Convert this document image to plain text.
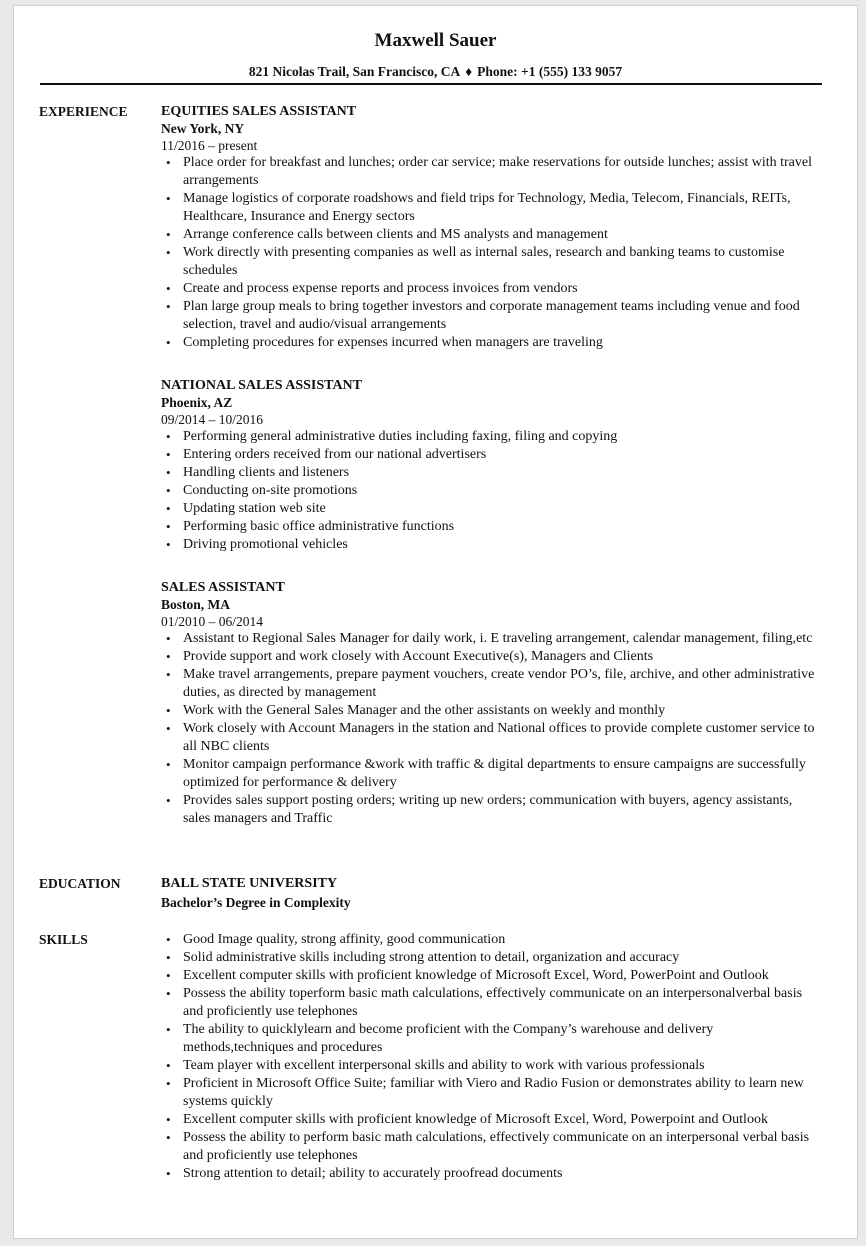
Maxwell Sauer
821 Nicolas Trail, San Francisco, CA ♦ Phone: +1 (555) 133 9057
EXPERIENCE EQUITIES SALES ASSISTANT
New York, NY
11/2016 – present
• Place order for breakfast and lunches; order car service; make reservations for outside lunches; assist with travel arrangements
• Manage logistics of corporate roadshows and field trips for Technology, Media, Telecom, Financials, REITs, Healthcare, Insurance and Energy sectors
• Arrange conference calls between clients and MS analysts and management
• Work directly with presenting companies as well as internal sales, research and banking teams to customise schedules
• Create and process expense reports and process invoices from vendors
• Plan large group meals to bring together investors and corporate management teams including venue and food selection, travel and audio/visual arrangements
• Completing procedures for expenses incurred when managers are traveling
NATIONAL SALES ASSISTANT
Phoenix, AZ
09/2014 – 10/2016
• Performing general administrative duties including faxing, filing and copying
• Entering orders received from our national advertisers
• Handling clients and listeners
• Conducting on-site promotions
• Updating station web site
• Performing basic office administrative functions
• Driving promotional vehicles
SALES ASSISTANT
Boston, MA
01/2010 – 06/2014
• Assistant to Regional Sales Manager for daily work, i. E traveling arrangement, calendar management, filing,etc
• Provide support and work closely with Account Executive(s), Managers and Clients
• Make travel arrangements, prepare payment vouchers, create vendor PO’s, file, archive, and other administrative duties, as directed by management
• Work with the General Sales Manager and the other assistants on weekly and monthly
• Work closely with Account Managers in the station and National offices to provide complete customer service to all NBC clients
• Monitor campaign performance &work with traffic & digital departments to ensure campaigns are successfully optimized for performance & delivery
• Provides sales support posting orders; writing up new orders; communication with buyers, agency assistants, sales managers and Traffic
EDUCATION	BALL STATE UNIVERSITY
Bachelor’s Degree in Complexity
SKILLS	• Good Image quality, strong affinity, good communication
• Solid administrative skills including strong attention to detail, organization and accuracy
• Excellent computer skills with proficient knowledge of Microsoft Excel, Word, PowerPoint and Outlook
• Possess the ability toperform basic math calculations, effectively communicate on an interpersonalverbal basis and proficiently use telephones
• The ability to quicklylearn and become proficient with the Company’s warehouse and delivery methods,techniques and procedures
• Team player with excellent interpersonal skills and ability to work with various professionals
• Proficient in Microsoft Office Suite; familiar with Viero and Radio Fusion or demonstrates ability to learn new systems quickly
• Excellent computer skills with proficient knowledge of Microsoft Excel, Word, Powerpoint and Outlook
• Possess the ability to perform basic math calculations, effectively communicate on an interpersonal verbal basis and proficiently use telephones
• Strong attention to detail; ability to accurately proofread documents
